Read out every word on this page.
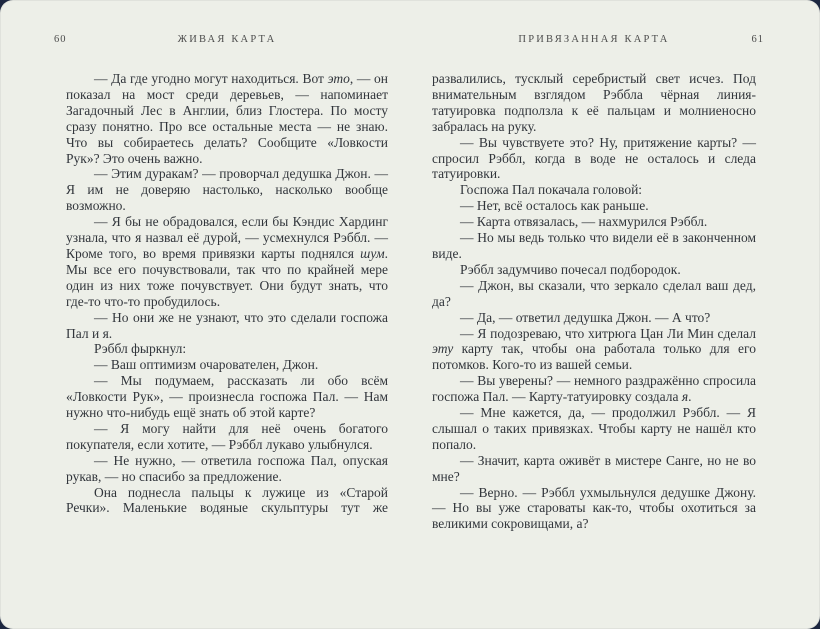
60	ЖИВАЯ КАРТА

— Да где угодно могут находиться. Вот это, — он показал на мост среди деревьев, — напоминает Загадочный Лес в Англии, близ Глостера. По мосту сразу понятно. Про все остальные места — не знаю. Что вы собираетесь делать? Сообщите «Ловкости Рук»? Это очень важно.

— Этим дуракам? — проворчал дедушка Джон. — Я им не доверяю настолько, насколько вообще возможно.

— Я бы не обрадовался, если бы Кэндис Хардинг узнала, что я назвал её дурой, — усмехнулся Рэббл. — Кроме того, во время привязки карты поднялся шум. Мы все его почувствовали, так что по крайней мере один из них тоже почувствует. Они будут знать, что где-то что-то пробудилось.

— Но они же не узнают, что это сделали госпожа Пал и я.

Рэббл фыркнул:

— Ваш оптимизм очарователен, Джон.

— Мы подумаем, рассказать ли обо всём «Ловкости Рук», — произнесла госпожа Пал. — Нам нужно что-нибудь ещё знать об этой карте?

— Я могу найти для неё очень богатого покупателя, если хотите, — Рэббл лукаво улыбнулся.

— Не нужно, — ответила госпожа Пал, опуская рукав, — но спасибо за предложение.

Она поднесла пальцы к лужице из «Старой Речки». Маленькие водяные скульптуры тут же

ПРИВЯЗАННАЯ КАРТА	61

развалились, тусклый серебристый свет исчез. Под внимательным взглядом Рэббла чёрная линия-татуировка подползла к её пальцам и молниеносно забралась на руку.

— Вы чувствуете это? Ну, притяжение карты? — спросил Рэббл, когда в воде не осталось и следа татуировки.

Госпожа Пал покачала головой:

— Нет, всё осталось как раньше.

— Карта отвязалась, — нахмурился Рэббл.

— Но мы ведь только что видели её в законченном виде.

Рэббл задумчиво почесал подбородок.

— Джон, вы сказали, что зеркало сделал ваш дед, да?

— Да, — ответил дедушка Джон. — А что?

— Я подозреваю, что хитрюга Цан Ли Мин сделал эту карту так, чтобы она работала только для его потомков. Кого-то из вашей семьи.

— Вы уверены? — немного раздражённо спросила госпожа Пал. — Карту-татуировку создала я.

— Мне кажется, да, — продолжил Рэббл. — Я слышал о таких привязках. Чтобы карту не нашёл кто попало.

— Значит, карта оживёт в мистере Санге, но не во мне?

— Верно. — Рэббл ухмыльнулся дедушке Джону. — Но вы уже староваты как-то, чтобы охотиться за великими сокровищами, а?
